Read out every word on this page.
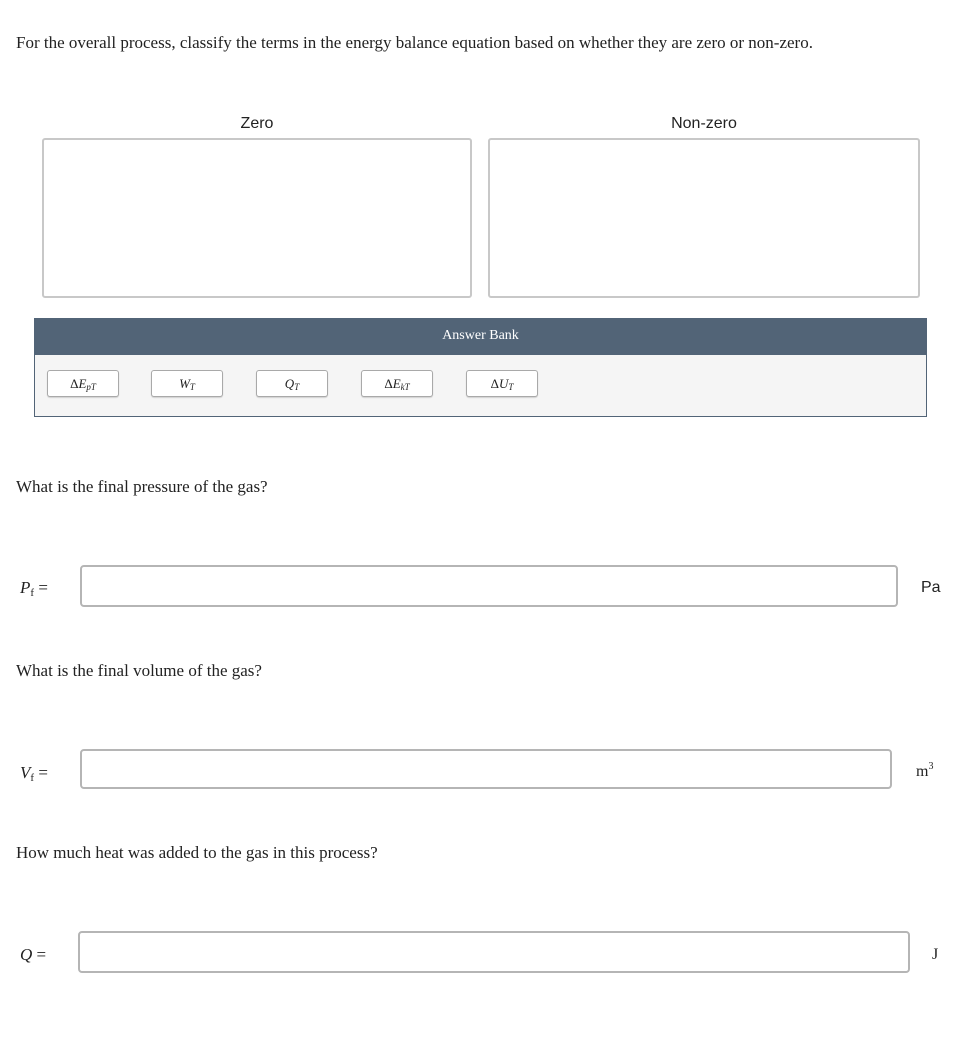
For the overall process, classify the terms in the energy balance equation based on whether they are zero or non-zero.
Zero	Non-zero
Answer Bank
$\Delta E_{pT}$	$W_T$	$Q_T$	$\Delta E_{kT}$	$\Delta U_T$
What is the final pressure of the gas?
$P_f$ =	Pa
What is the final volume of the gas?
$V_f$ =	$m^3$
How much heat was added to the gas in this process?
Q =	J
